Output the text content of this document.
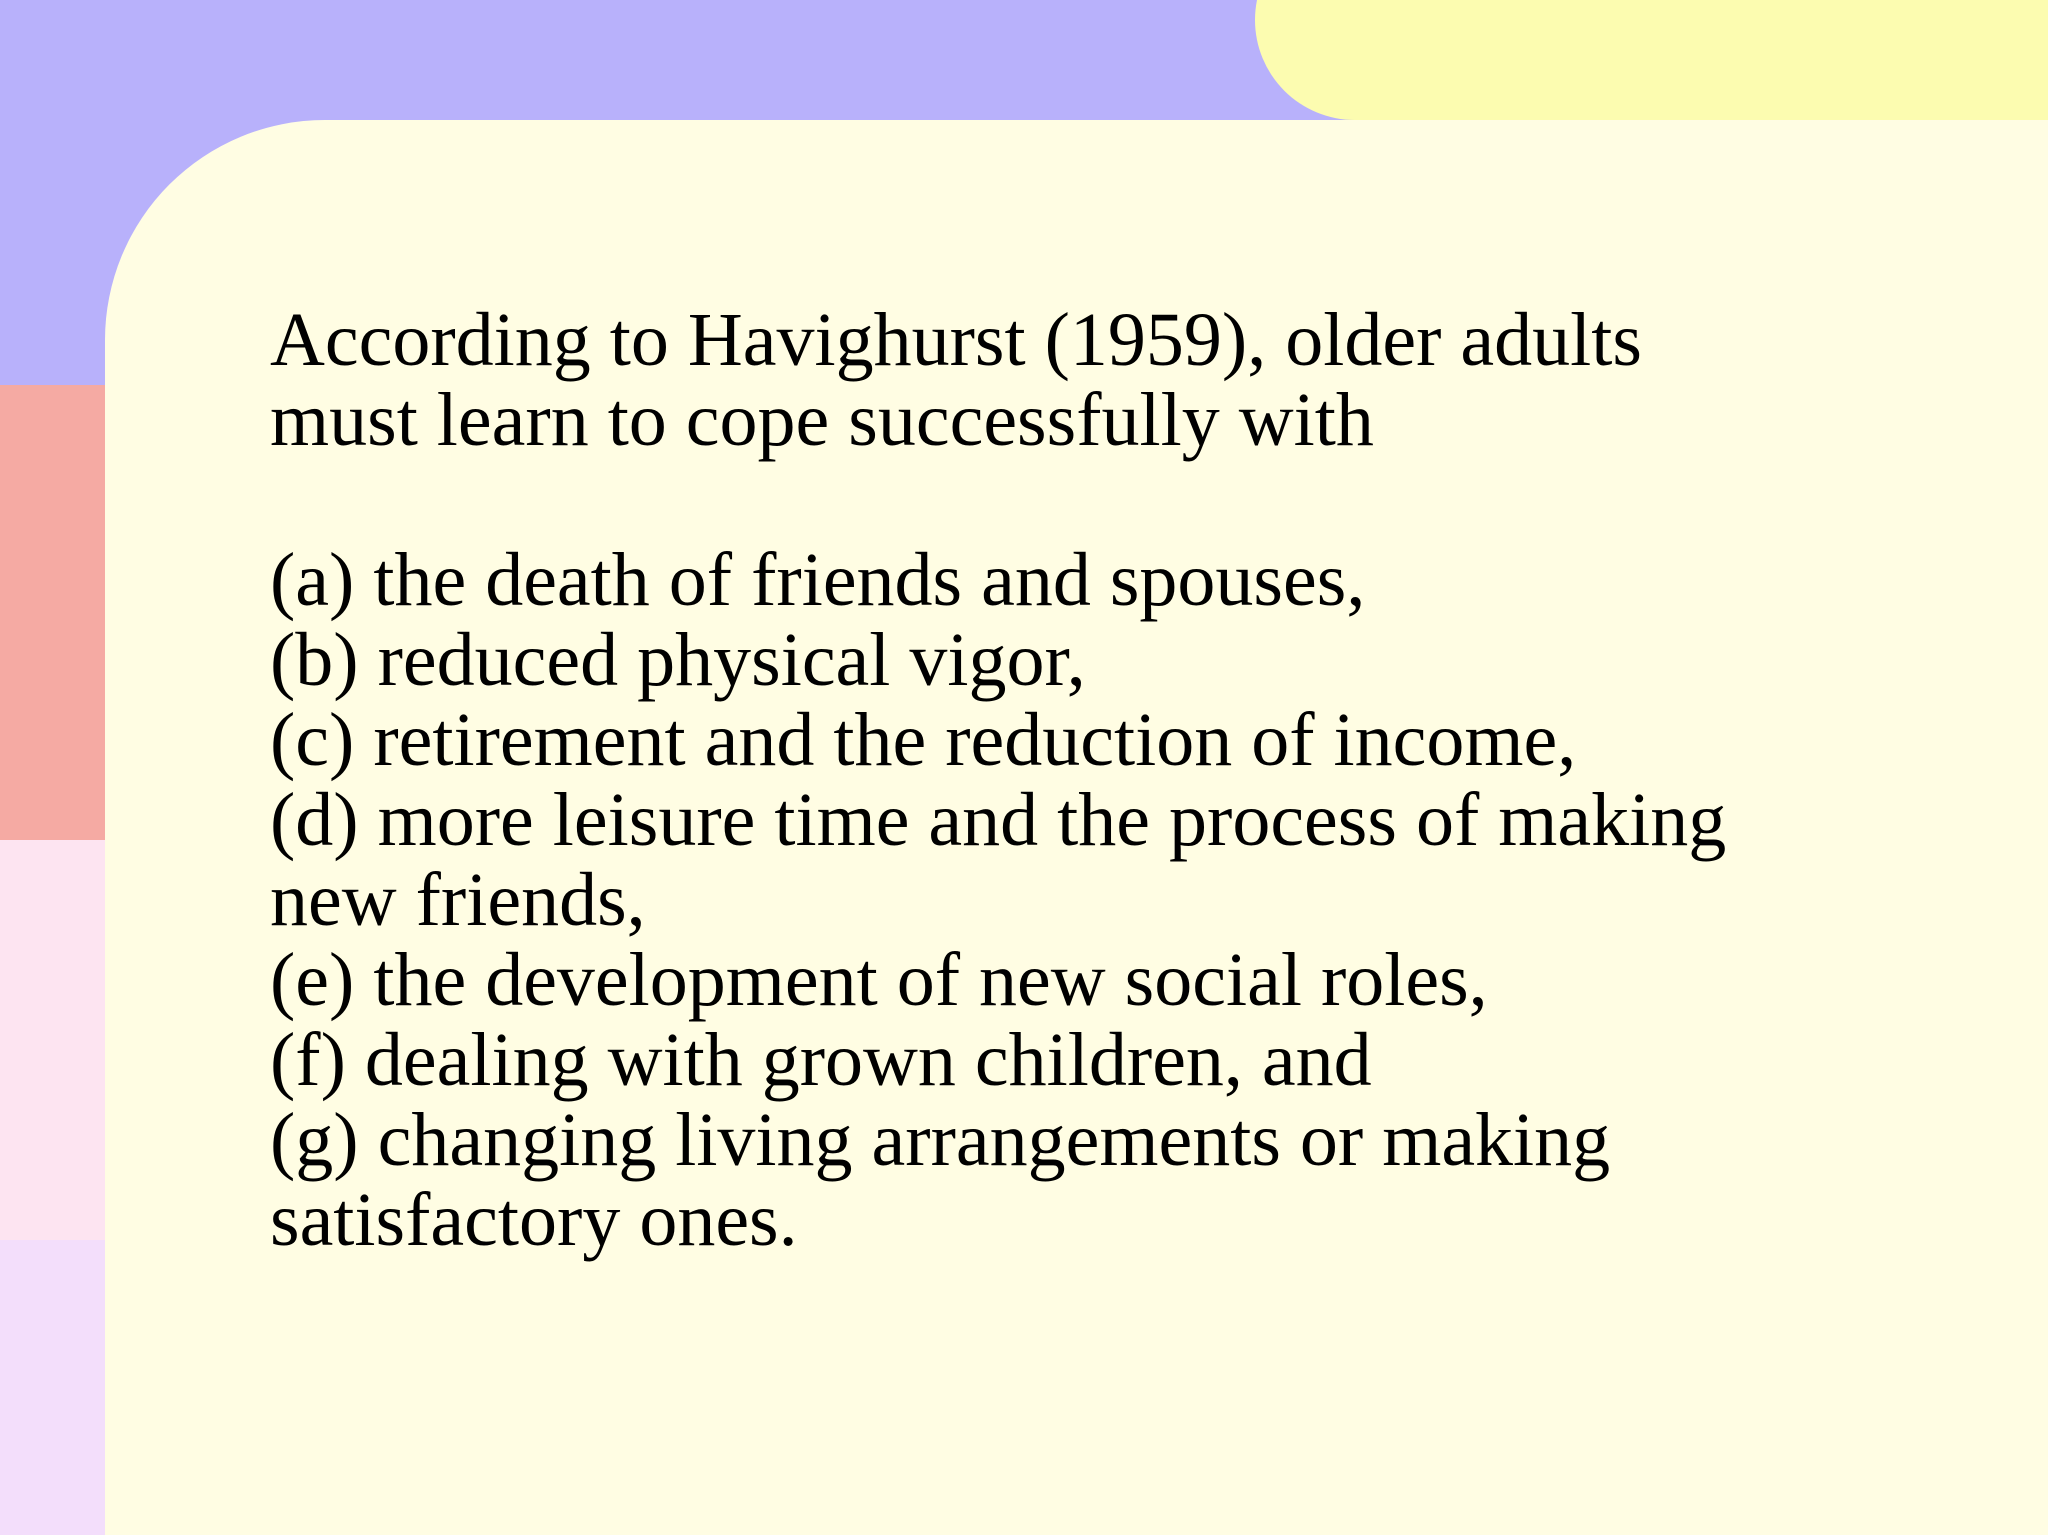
According to Havighurst (1959), older adults
must learn to cope successfully with

(a) the death of friends and spouses,

(b) reduced physical vigor,

(c) retirement and the reduction of income,

(d) more leisure time and the process of making
new friends,

(e) the development of new social roles,

(f) dealing with grown children, and

(g) changing living arrangements or making
satisfactory ones.
